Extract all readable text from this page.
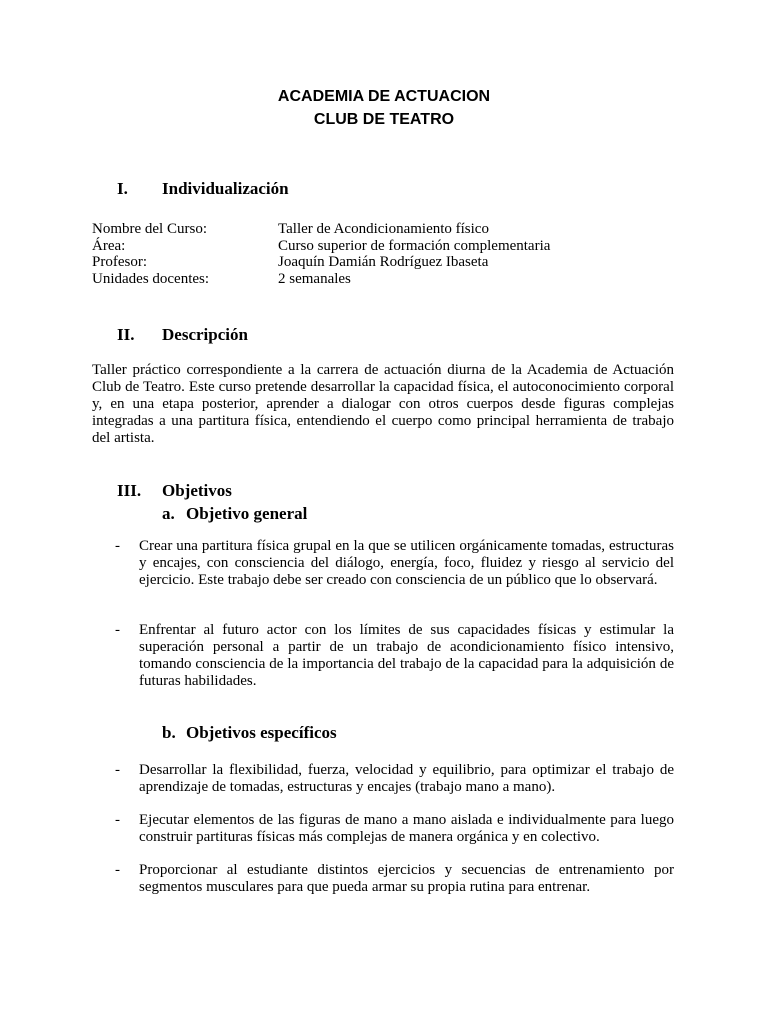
ACADEMIA DE ACTUACION
CLUB DE TEATRO
I.	Individualización
Nombre del Curso:	Taller de Acondicionamiento físico
Área:	Curso superior de formación complementaria
Profesor:	Joaquín Damián Rodríguez Ibaseta
Unidades docentes:	2 semanales
II.	Descripción
Taller práctico correspondiente a la carrera de actuación diurna de la Academia de Actuación Club de Teatro. Este curso pretende desarrollar la capacidad física, el autoconocimiento corporal y, en una etapa posterior, aprender a dialogar con otros cuerpos desde figuras complejas integradas a una partitura física, entendiendo el cuerpo como principal herramienta de trabajo del artista.
III.	Objetivos
a. Objetivo general
-	Crear una partitura física grupal en la que se utilicen orgánicamente tomadas, estructuras y encajes, con consciencia del diálogo, energía, foco, fluidez y riesgo al servicio del ejercicio. Este trabajo debe ser creado con consciencia de un público que lo observará.
-	Enfrentar al futuro actor con los límites de sus capacidades físicas y estimular la superación personal a partir de un trabajo de acondicionamiento físico intensivo, tomando consciencia de la importancia del trabajo de la capacidad para la adquisición de futuras habilidades.
b. Objetivos específicos
-	Desarrollar la flexibilidad, fuerza, velocidad y equilibrio, para optimizar el trabajo de aprendizaje de tomadas, estructuras y encajes (trabajo mano a mano).
-	Ejecutar elementos de las figuras de mano a mano aislada e individualmente para luego construir partituras físicas más complejas de manera orgánica y en colectivo.
-	Proporcionar al estudiante distintos ejercicios y secuencias de entrenamiento por segmentos musculares para que pueda armar su propia rutina para entrenar.
